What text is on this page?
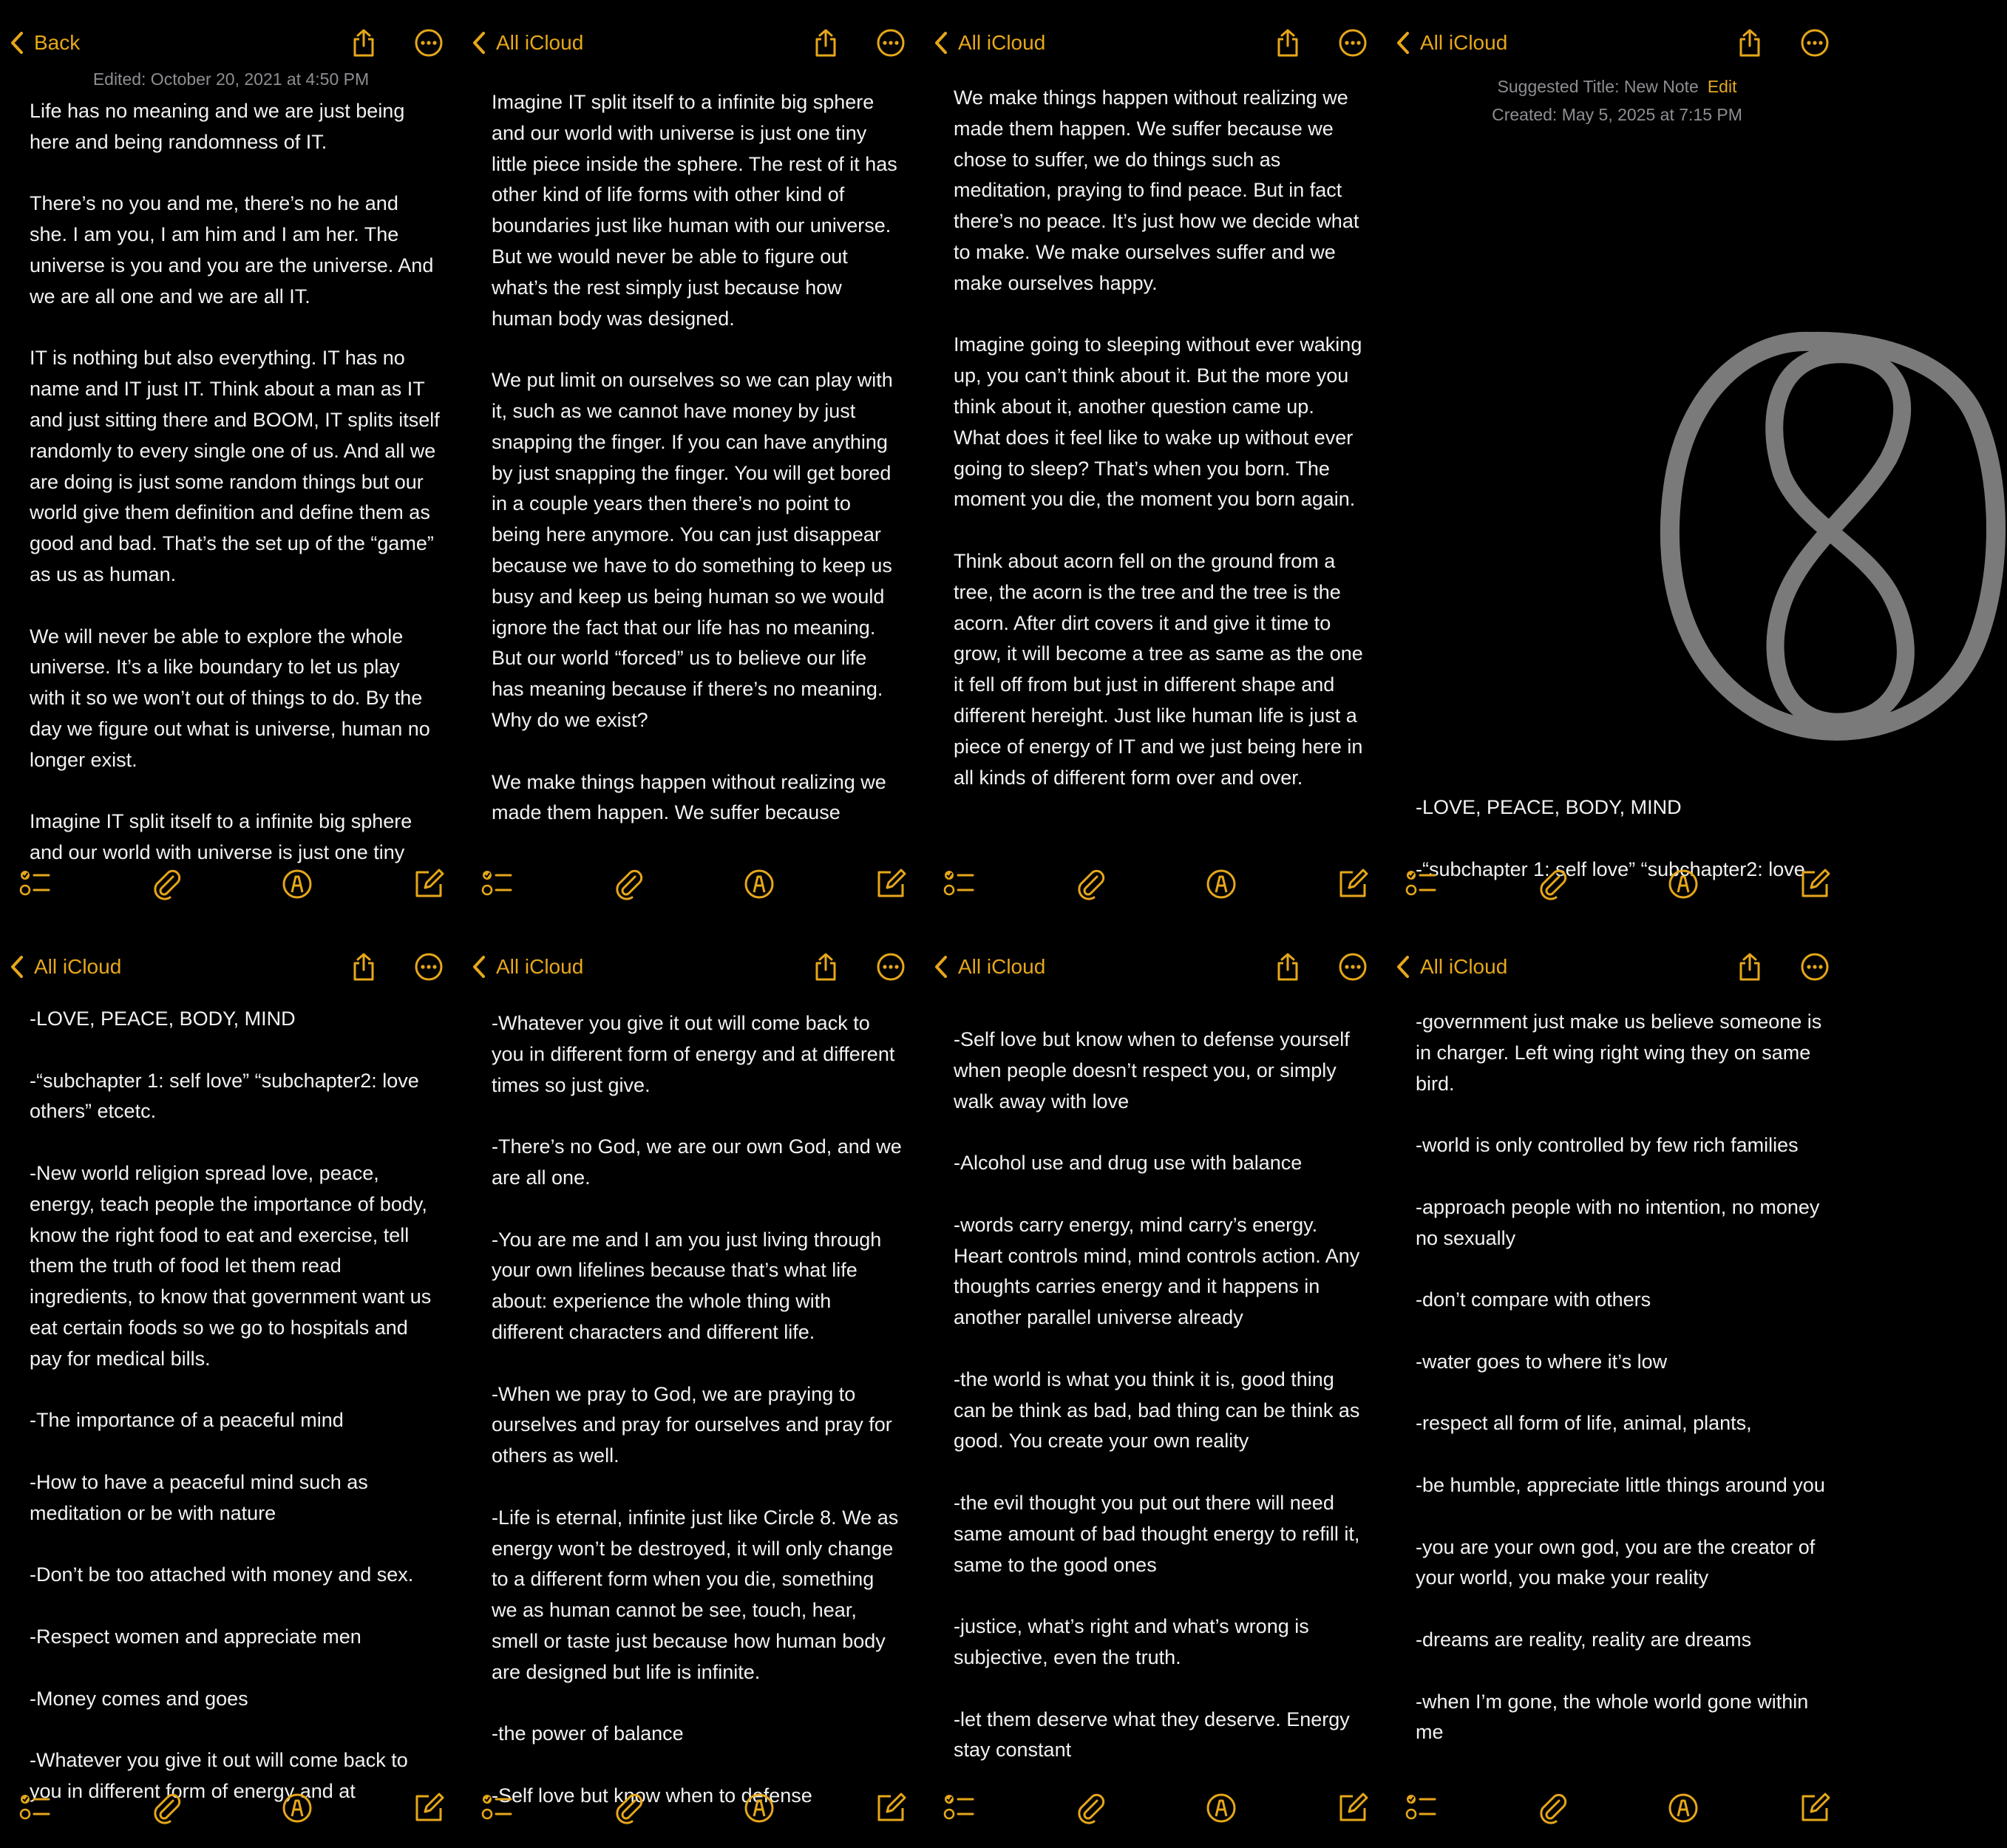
Back
Edited: October 20, 2021 at 4:50 PM

Life has no meaning and we are just being here and being randomness of IT.

There’s no you and me, there’s no he and she. I am you, I am him and I am her. The universe is you and you are the universe. And we are all one and we are all IT.

IT is nothing but also everything. IT has no name and IT just IT. Think about a man as IT and just sitting there and BOOM, IT splits itself randomly to every single one of us. And all we are doing is just some random things but our world give them definition and define them as good and bad. That’s the set up of the “game” as us as human.

We will never be able to explore the whole universe. It’s a like boundary to let us play with it so we won’t out of things to do. By the day we figure out what is universe, human no longer exist.

Imagine IT split itself to a infinite big sphere and our world with universe is just one tiny

All iCloud

Imagine IT split itself to a infinite big sphere and our world with universe is just one tiny little piece inside the sphere. The rest of it has other kind of life forms with other kind of boundaries just like human with our universe. But we would never be able to figure out what’s the rest simply just because how human body was designed.

We put limit on ourselves so we can play with it, such as we cannot have money by just snapping the finger. If you can have anything by just snapping the finger. You will get bored in a couple years then there’s no point to being here anymore. You can just disappear because we have to do something to keep us busy and keep us being human so we would ignore the fact that our life has no meaning. But our world “forced” us to believe our life has meaning because if there’s no meaning. Why do we exist?

We make things happen without realizing we made them happen. We suffer because

All iCloud

We make things happen without realizing we made them happen. We suffer because we chose to suffer, we do things such as meditation, praying to find peace. But in fact there’s no peace. It’s just how we decide what to make. We make ourselves suffer and we make ourselves happy.

Imagine going to sleeping without ever waking up, you can’t think about it. But the more you think about it, another question came up. What does it feel like to wake up without ever going to sleep? That’s when you born. The moment you die, the moment you born again.

Think about acorn fell on the ground from a tree, the acorn is the tree and the tree is the acorn. After dirt covers it and give it time to grow, it will become a tree as same as the one it fell off from but just in different shape and different hereight. Just like human life is just a piece of energy of IT and we just being here in all kinds of different form over and over.

All iCloud
Suggested Title: New Note Edit
Created: May 5, 2025 at 7:15 PM

-LOVE, PEACE, BODY, MIND

-“subchapter 1: self love” “subchapter2: love

All iCloud

-LOVE, PEACE, BODY, MIND

-“subchapter 1: self love” “subchapter2: love others” etcetc.

-New world religion spread love, peace, energy, teach people the importance of body, know the right food to eat and exercise, tell them the truth of food let them read ingredients, to know that government want us eat certain foods so we go to hospitals and pay for medical bills.

-The importance of a peaceful mind

-How to have a peaceful mind such as meditation or be with nature

-Don’t be too attached with money and sex.

-Respect women and appreciate men

-Money comes and goes

-Whatever you give it out will come back to you in different form of energy and at

All iCloud

-Whatever you give it out will come back to you in different form of energy and at different times so just give.

-There’s no God, we are our own God, and we are all one.

-You are me and I am you just living through your own lifelines because that’s what life about: experience the whole thing with different characters and different life.

-When we pray to God, we are praying to ourselves and pray for ourselves and pray for others as well.

-Life is eternal, infinite just like Circle 8. We as energy won’t be destroyed, it will only change to a different form when you die, something we as human cannot be see, touch, hear, smell or taste just because how human body are designed but life is infinite.

-the power of balance

-Self love but know when to defense

All iCloud

-Self love but know when to defense yourself when people doesn’t respect you, or simply walk away with love

-Alcohol use and drug use with balance

-words carry energy, mind carry’s energy. Heart controls mind, mind controls action. Any thoughts carries energy and it happens in another parallel universe already

-the world is what you think it is, good thing can be think as bad, bad thing can be think as good. You create your own reality

-the evil thought you put out there will need same amount of bad thought energy to refill it, same to the good ones

-justice, what’s right and what’s wrong is subjective, even the truth.

-let them deserve what they deserve. Energy stay constant

All iCloud

-government just make us believe someone is in charger. Left wing right wing they on same bird.

-world is only controlled by few rich families

-approach people with no intention, no money no sexually

-don’t compare with others

-water goes to where it’s low

-respect all form of life, animal, plants,

-be humble, appreciate little things around you

-you are your own god, you are the creator of your world, you make your reality

-dreams are reality, reality are dreams

-when I’m gone, the whole world gone within me
